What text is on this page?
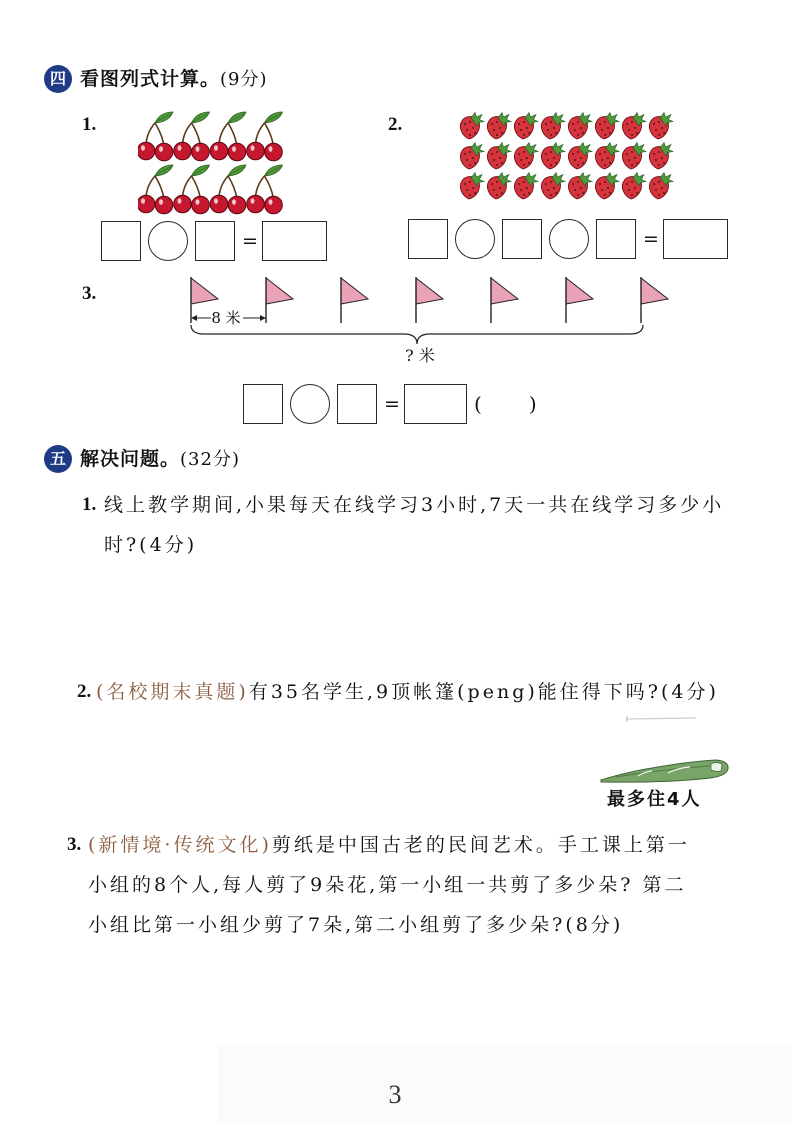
四 看图列式计算。(9分)
1.
=
2.
=
3.
8 米
? 米
=	( )
五 解决问题。(32分)
1. 线上教学期间,小果每天在线学习3小时,7天一共在线学习多少小
时?(4分)
2. (名校期末真题)有35名学生,9顶帐篷(peng)能住得下吗?(4分)
最多住4人
3. (新情境·传统文化)剪纸是中国古老的民间艺术。手工课上第一
小组的8个人,每人剪了9朵花,第一小组一共剪了多少朵? 第二
小组比第一小组少剪了7朵,第二小组剪了多少朵?(8分)
3
